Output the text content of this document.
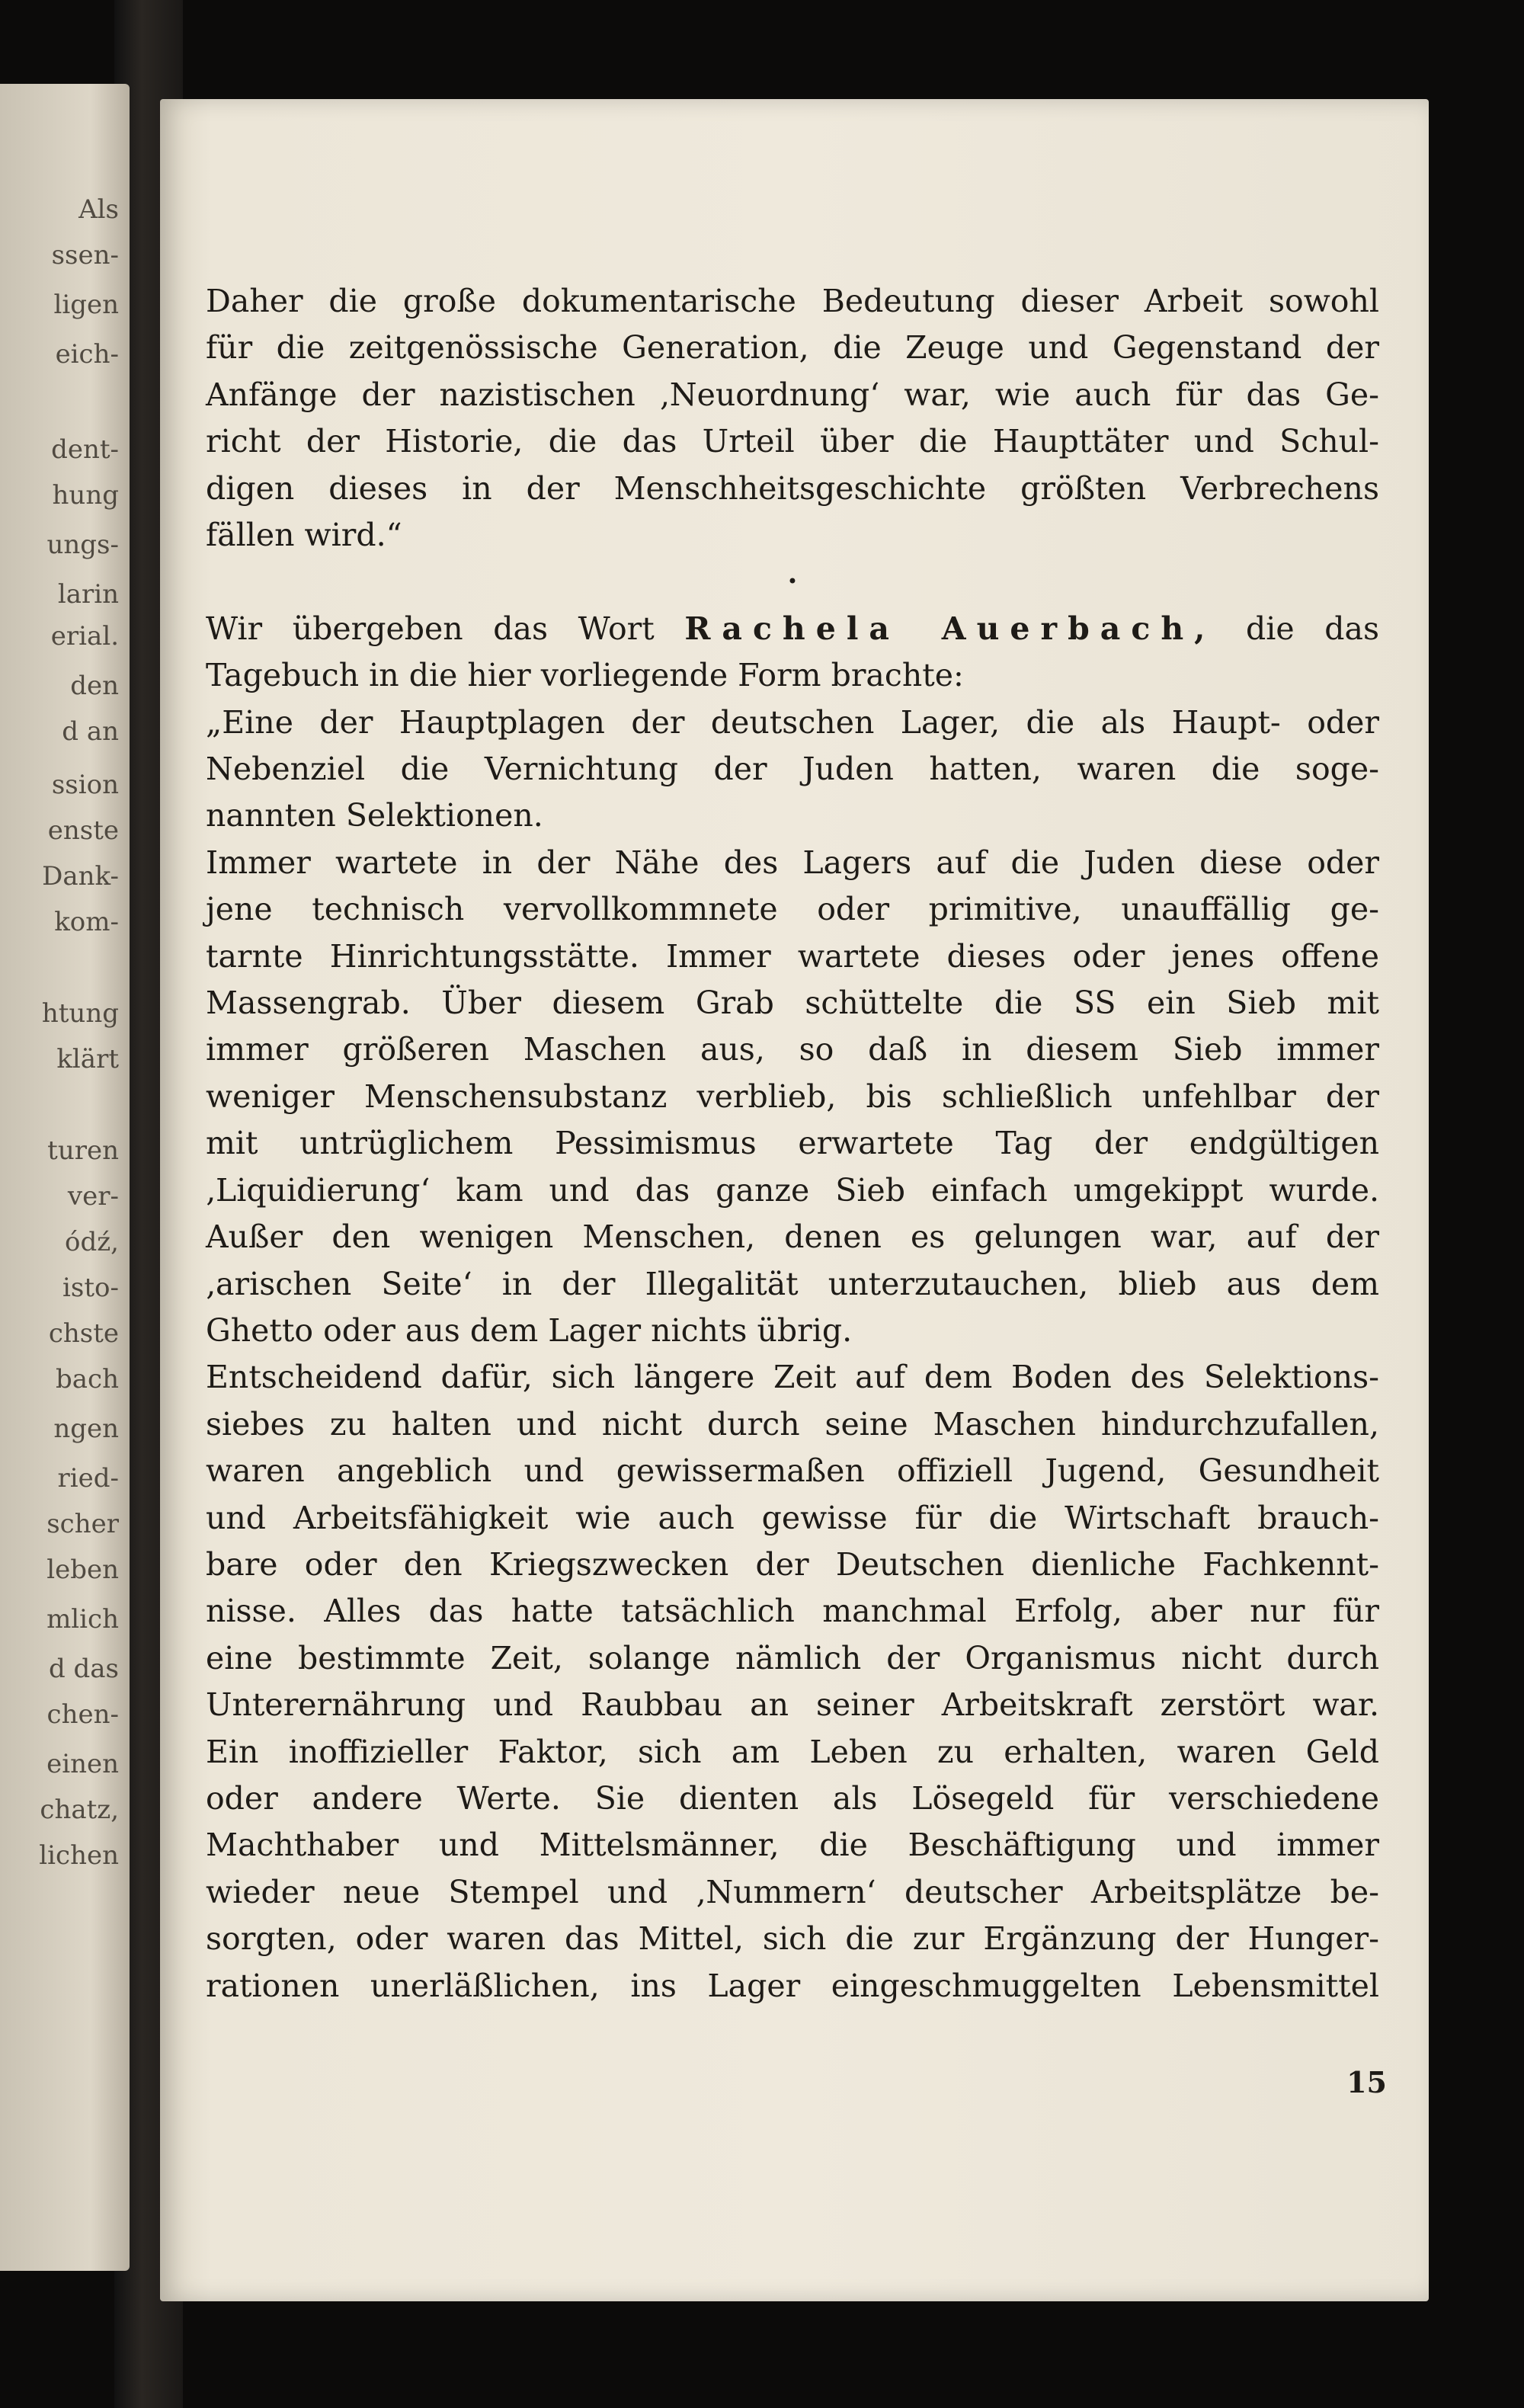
Als
ssen-
ligen
eich-
dent-
hung
ungs-
larin
erial.
den
d an
ssion
enste
Dank-
kom-
htung
klärt
turen
ver-
ódź,
isto-
chste
bach
ngen
ried-
scher
leben
mlich
d das
chen-
einen
chatz,
lichen
Daher die große dokumentarische Bedeutung dieser Arbeit sowohl
für die zeitgenössische Generation, die Zeuge und Gegenstand der
Anfänge der nazistischen ‚Neuordnung‘ war, wie auch für das Ge-
richt der Historie, die das Urteil über die Haupttäter und Schul-
digen dieses in der Menschheitsgeschichte größten Verbrechens
fällen wird.“
•
Wir übergeben das Wort Rachela Auerbach, die das
Tagebuch in die hier vorliegende Form brachte:
„Eine der Hauptplagen der deutschen Lager, die als Haupt- oder
Nebenziel die Vernichtung der Juden hatten, waren die soge-
nannten Selektionen.
Immer wartete in der Nähe des Lagers auf die Juden diese oder
jene technisch vervollkommnete oder primitive, unauffällig ge-
tarnte Hinrichtungsstätte. Immer wartete dieses oder jenes offene
Massengrab. Über diesem Grab schüttelte die SS ein Sieb mit
immer größeren Maschen aus, so daß in diesem Sieb immer
weniger Menschensubstanz verblieb, bis schließlich unfehlbar der
mit untrüglichem Pessimismus erwartete Tag der endgültigen
‚Liquidierung‘ kam und das ganze Sieb einfach umgekippt wurde.
Außer den wenigen Menschen, denen es gelungen war, auf der
‚arischen Seite‘ in der Illegalität unterzutauchen, blieb aus dem
Ghetto oder aus dem Lager nichts übrig.
Entscheidend dafür, sich längere Zeit auf dem Boden des Selektions-
siebes zu halten und nicht durch seine Maschen hindurchzufallen,
waren angeblich und gewissermaßen offiziell Jugend, Gesundheit
und Arbeitsfähigkeit wie auch gewisse für die Wirtschaft brauch-
bare oder den Kriegszwecken der Deutschen dienliche Fachkennt-
nisse. Alles das hatte tatsächlich manchmal Erfolg, aber nur für
eine bestimmte Zeit, solange nämlich der Organismus nicht durch
Unterernährung und Raubbau an seiner Arbeitskraft zerstört war.
Ein inoffizieller Faktor, sich am Leben zu erhalten, waren Geld
oder andere Werte. Sie dienten als Lösegeld für verschiedene
Machthaber und Mittelsmänner, die Beschäftigung und immer
wieder neue Stempel und ‚Nummern‘ deutscher Arbeitsplätze be-
sorgten, oder waren das Mittel, sich die zur Ergänzung der Hunger-
rationen unerläßlichen, ins Lager eingeschmuggelten Lebensmittel
15
